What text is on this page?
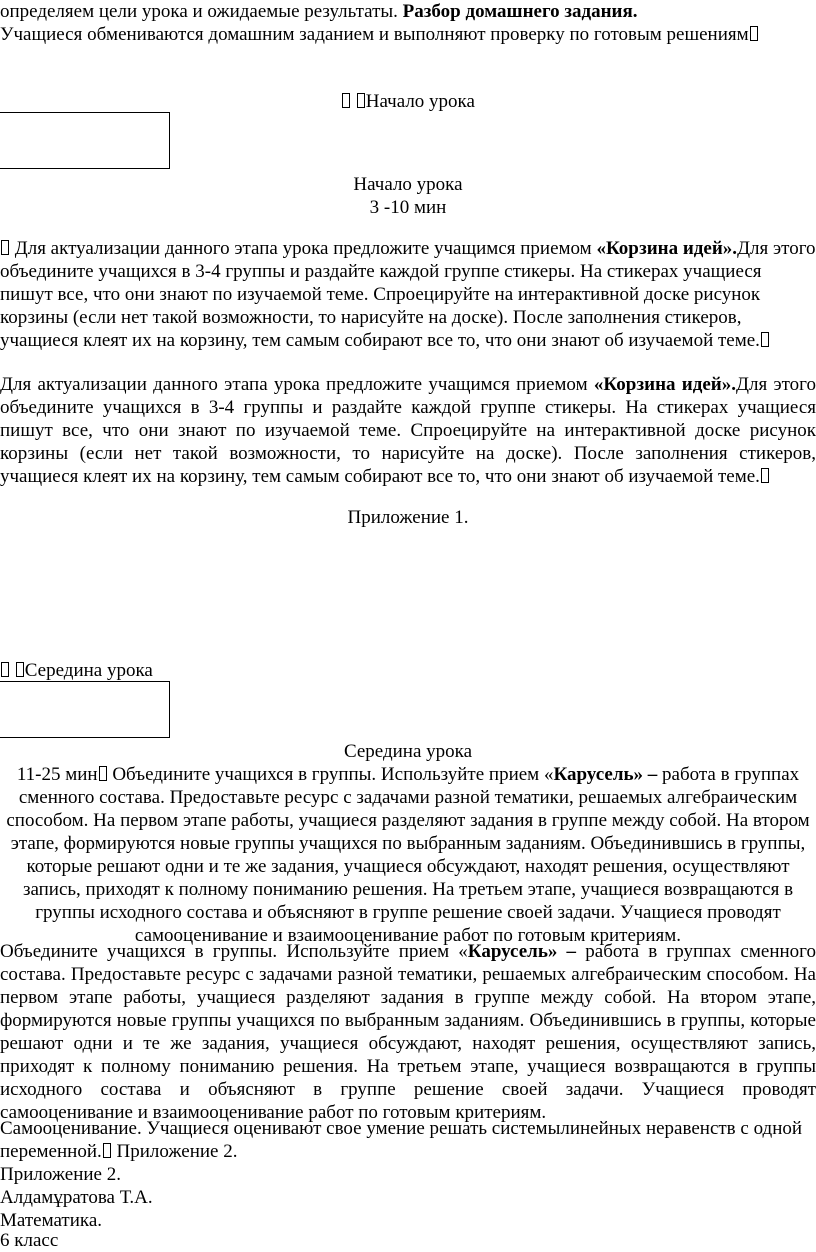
определяем цели урока и ожидаемые результаты. Разбор домашнего задания.
Учащиеся обмениваются домашним заданием и выполняют проверку по готовым решениям
Начало урока
Начало урока
3 -10 мин
Для актуализации данного этапа урока предложите учащимся приемом «Корзина идей».Для этого объедините учащихся в 3-4 группы и раздайте каждой группе стикеры. На стикерах учащиеся пишут все, что они знают по изучаемой теме. Спроецируйте на интерактивной доске рисунок корзины (если нет такой возможности, то нарисуйте на доске). После заполнения стикеров, учащиеся клеят их на корзину, тем самым собирают все то, что они знают об изучаемой теме.
Для актуализации данного этапа урока предложите учащимся приемом «Корзина идей».Для этого объедините учащихся в 3-4 группы и раздайте каждой группе стикеры. На стикерах учащиеся пишут все, что они знают по изучаемой теме. Спроецируйте на интерактивной доске рисунок корзины (если нет такой возможности, то нарисуйте на доске). После заполнения стикеров, учащиеся клеят их на корзину, тем самым собирают все то, что они знают об изучаемой теме.
Приложение 1.
Середина урока
Середина урока
11-25 мин Объедините учащихся в группы. Используйте прием «Карусель» – работа в группах сменного состава. Предоставьте ресурс с задачами разной тематики, решаемых алгебраическим способом. На первом этапе работы, учащиеся разделяют задания в группе между собой. На втором этапе, формируются новые группы учащихся по выбранным заданиям. Объединившись в группы, которые решают одни и те же задания, учащиеся обсуждают, находят решения, осуществляют запись, приходят к полному пониманию решения. На третьем этапе, учащиеся возвращаются в группы исходного состава и объясняют в группе решение своей задачи. Учащиеся проводят самооценивание и взаимооценивание работ по готовым критериям.
Объедините учащихся в группы. Используйте прием «Карусель» – работа в группах сменного состава. Предоставьте ресурс с задачами разной тематики, решаемых алгебраическим способом. На первом этапе работы, учащиеся разделяют задания в группе между собой. На втором этапе, формируются новые группы учащихся по выбранным заданиям. Объединившись в группы, которые решают одни и те же задания, учащиеся обсуждают, находят решения, осуществляют запись, приходят к полному пониманию решения. На третьем этапе, учащиеся возвращаются в группы исходного состава и объясняют в группе решение своей задачи. Учащиеся проводят самооценивание и взаимооценивание работ по готовым критериям.
Самооценивание. Учащиеся оценивают свое умение решать системылинейных неравенств с одной переменной. Приложение 2.
Приложение 2.
Алдамұратова Т.А.
Математика.
6 класс
